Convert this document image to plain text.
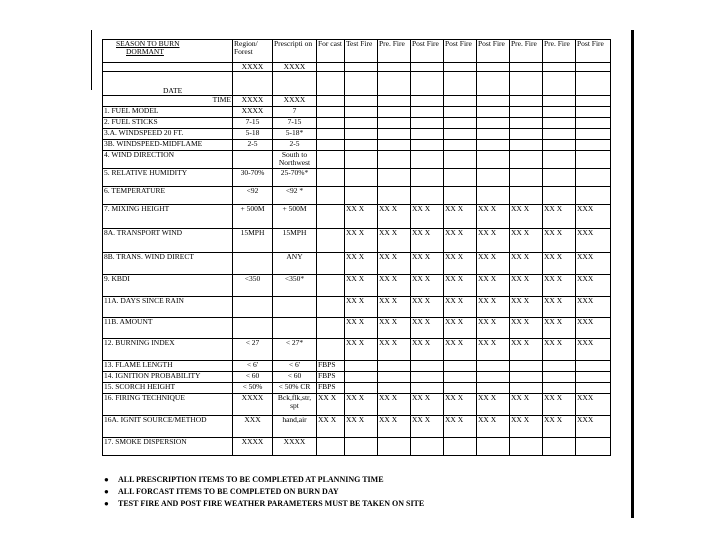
SEASON TO BURN
DORMANT	Region/ Forest	Prescripti on	For cast	Test Fire	Pre. Fire	Post Fire	Post Fire	Post Fire	Pre. Fire	Pre. Fire	Post Fire
	XXXX	XXXX									
DATE											
TIME	XXXX	XXXX									
1. FUEL MODEL	XXXX	7									
2. FUEL STICKS	7-15	7-15									
3.A. WINDSPEED 20 FT.	5-18	5-18*									
3B. WINDSPEED-MIDFLAME	2-5	2-5									
4. WIND DIRECTION		South to Northwest									
5. RELATIVE HUMIDITY	30-70%	25-70%*									
6. TEMPERATURE	<92	<92 *									
7. MIXING HEIGHT	+ 500M	+ 500M		XX X	XX X	XX X	XX X	XX X	XX X	XX X	XXX
8A. TRANSPORT WIND	15MPH	15MPH		XX X	XX X	XX X	XX X	XX X	XX X	XX X	XXX
8B. TRANS. WIND DIRECT		ANY		XX X	XX X	XX X	XX X	XX X	XX X	XX X	XXX
9. KBDI	<350	<350*		XX X	XX X	XX X	XX X	XX X	XX X	XX X	XXX
11A. DAYS SINCE RAIN				XX X	XX X	XX X	XX X	XX X	XX X	XX X	XXX
11B. AMOUNT				XX X	XX X	XX X	XX X	XX X	XX X	XX X	XXX
12. BURNING INDEX	< 27	< 27*		XX X	XX X	XX X	XX X	XX X	XX X	XX X	XXX
13. FLAME LENGTH	< 6'	< 6'	FBPS								
14. IGNITION PROBABILITY	< 60	< 60	FBPS								
15. SCORCH HEIGHT	< 50%	< 50% CR	FBPS								
16. FIRING TECHNIQUE	XXXX	Bck,flk,str, spt	XX X	XX X	XX X	XX X	XX X	XX X	XX X	XX X	XXX
16A. IGNIT SOURCE/METHOD	XXX	hand,air	XX X	XX X	XX X	XX X	XX X	XX X	XX X	XX X	XXX
17. SMOKE DISPERSION	XXXX	XXXX									
● ALL PRESCRIPTION ITEMS TO BE COMPLETED AT PLANNING TIME
● ALL FORCAST ITEMS TO BE COMPLETED ON BURN DAY
● TEST FIRE AND POST FIRE WEATHER PARAMETERS MUST BE TAKEN ON SITE
